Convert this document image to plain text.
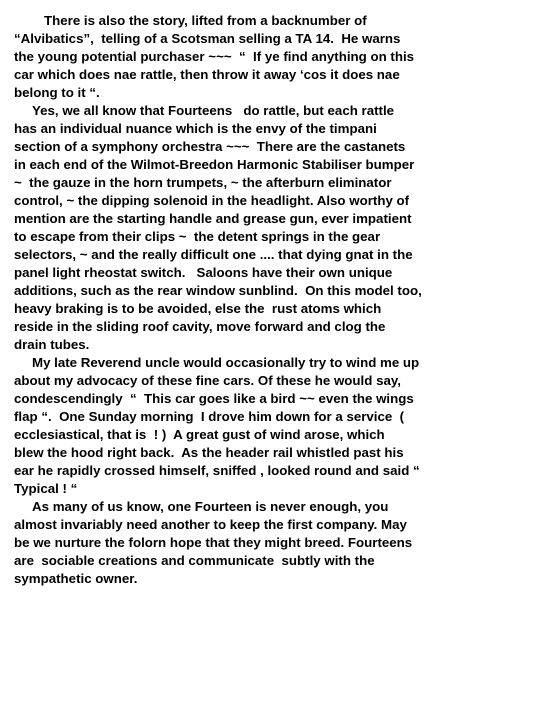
There is also the story, lifted from a backnumber of
“Alvibatics”,  telling of a Scotsman selling a TA 14.  He warns
the young potential purchaser ~~~  “  If ye find anything on this
car which does nae rattle, then throw it away ‘cos it does nae
belong to it “.
Yes, we all know that Fourteens   do rattle, but each rattle
has an individual nuance which is the envy of the timpani
section of a symphony orchestra ~~~  There are the castanets
in each end of the Wilmot-Breedon Harmonic Stabiliser bumper
~  the gauze in the horn trumpets, ~ the afterburn eliminator
control, ~ the dipping solenoid in the headlight. Also worthy of
mention are the starting handle and grease gun, ever impatient
to escape from their clips ~  the detent springs in the gear
selectors, ~ and the really difficult one .... that dying gnat in the
panel light rheostat switch.   Saloons have their own unique
additions, such as the rear window sunblind.  On this model too,
heavy braking is to be avoided, else the  rust atoms which
reside in the sliding roof cavity, move forward and clog the
drain tubes.
My late Reverend uncle would occasionally try to wind me up
about my advocacy of these fine cars. Of these he would say,
condescendingly  “  This car goes like a bird ~~ even the wings
flap “.  One Sunday morning  I drove him down for a service  (
ecclesiastical, that is  ! )  A great gust of wind arose, which
blew the hood right back.  As the header rail whistled past his
ear he rapidly crossed himself, sniffed , looked round and said “
Typical ! “
As many of us know, one Fourteen is never enough, you
almost invariably need another to keep the first company. May
be we nurture the folorn hope that they might breed. Fourteens
are  sociable creations and communicate  subtly with the
sympathetic owner.
